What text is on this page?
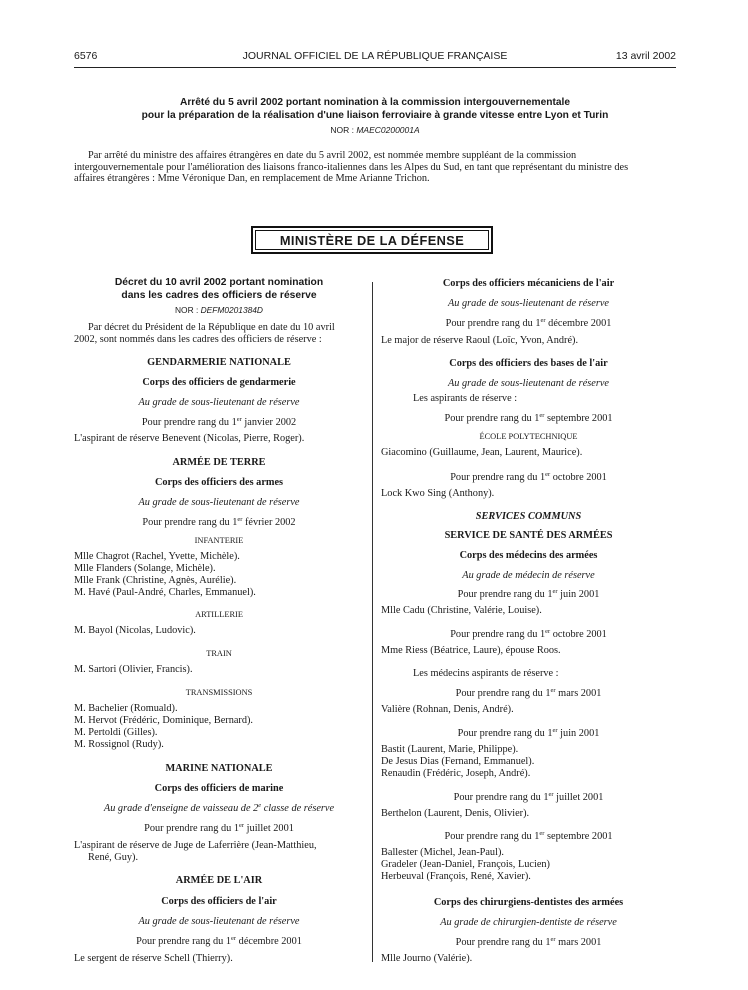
6576	JOURNAL OFFICIEL DE LA RÉPUBLIQUE FRANÇAISE	13 avril 2002
Arrêté du 5 avril 2002 portant nomination à la commission intergouvernementale
pour la préparation de la réalisation d'une liaison ferroviaire à grande vitesse entre Lyon et Turin
NOR : MAEC0200001A
Par arrêté du ministre des affaires étrangères en date du 5 avril 2002, est nommée membre suppléant de la commission
intergouvernementale pour l'amélioration des liaisons franco-italiennes dans les Alpes du Sud, en tant que représentant du ministre des
affaires étrangères : Mme Véronique Dan, en remplacement de Mme Arianne Trichon.
MINISTÈRE DE LA DÉFENSE
Décret du 10 avril 2002 portant nomination
dans les cadres des officiers de réserve
NOR : DEFM0201384D
Par décret du Président de la République en date du 10 avril
2002, sont nommés dans les cadres des officiers de réserve :
GENDARMERIE NATIONALE
Corps des officiers de gendarmerie
Au grade de sous-lieutenant de réserve
Pour prendre rang du 1er janvier 2002
L'aspirant de réserve Benevent (Nicolas, Pierre, Roger).
ARMÉE DE TERRE
Corps des officiers des armes
Au grade de sous-lieutenant de réserve
Pour prendre rang du 1er février 2002
INFANTERIE
Mlle Chagrot (Rachel, Yvette, Michèle).
Mlle Flanders (Solange, Michèle).
Mlle Frank (Christine, Agnès, Aurélie).
M. Havé (Paul-André, Charles, Emmanuel).
ARTILLERIE
M. Bayol (Nicolas, Ludovic).
TRAIN
M. Sartori (Olivier, Francis).
TRANSMISSIONS
M. Bachelier (Romuald).
M. Hervot (Frédéric, Dominique, Bernard).
M. Pertoldi (Gilles).
M. Rossignol (Rudy).
MARINE NATIONALE
Corps des officiers de marine
Au grade d'enseigne de vaisseau de 2e classe de réserve
Pour prendre rang du 1er juillet 2001
L'aspirant de réserve de Juge de Laferrière (Jean-Matthieu,
René, Guy).
ARMÉE DE L'AIR
Corps des officiers de l'air
Au grade de sous-lieutenant de réserve
Pour prendre rang du 1er décembre 2001
Le sergent de réserve Schell (Thierry).
Corps des officiers mécaniciens de l'air
Au grade de sous-lieutenant de réserve
Pour prendre rang du 1er décembre 2001
Le major de réserve Raoul (Loïc, Yvon, André).
Corps des officiers des bases de l'air
Au grade de sous-lieutenant de réserve
Les aspirants de réserve :
Pour prendre rang du 1er septembre 2001
ÉCOLE POLYTECHNIQUE
Giacomino (Guillaume, Jean, Laurent, Maurice).
Pour prendre rang du 1er octobre 2001
Lock Kwo Sing (Anthony).
SERVICES COMMUNS
SERVICE DE SANTÉ DES ARMÉES
Corps des médecins des armées
Au grade de médecin de réserve
Pour prendre rang du 1er juin 2001
Mlle Cadu (Christine, Valérie, Louise).
Pour prendre rang du 1er octobre 2001
Mme Riess (Béatrice, Laure), épouse Roos.
Les médecins aspirants de réserve :
Pour prendre rang du 1er mars 2001
Valière (Rohnan, Denis, André).
Pour prendre rang du 1er juin 2001
Bastit (Laurent, Marie, Philippe).
De Jesus Dias (Fernand, Emmanuel).
Renaudin (Frédéric, Joseph, André).
Pour prendre rang du 1er juillet 2001
Berthelon (Laurent, Denis, Olivier).
Pour prendre rang du 1er septembre 2001
Ballester (Michel, Jean-Paul).
Gradeler (Jean-Daniel, François, Lucien)
Herbeuval (François, René, Xavier).
Corps des chirurgiens-dentistes des armées
Au grade de chirurgien-dentiste de réserve
Pour prendre rang du 1er mars 2001
Mlle Journo (Valérie).
